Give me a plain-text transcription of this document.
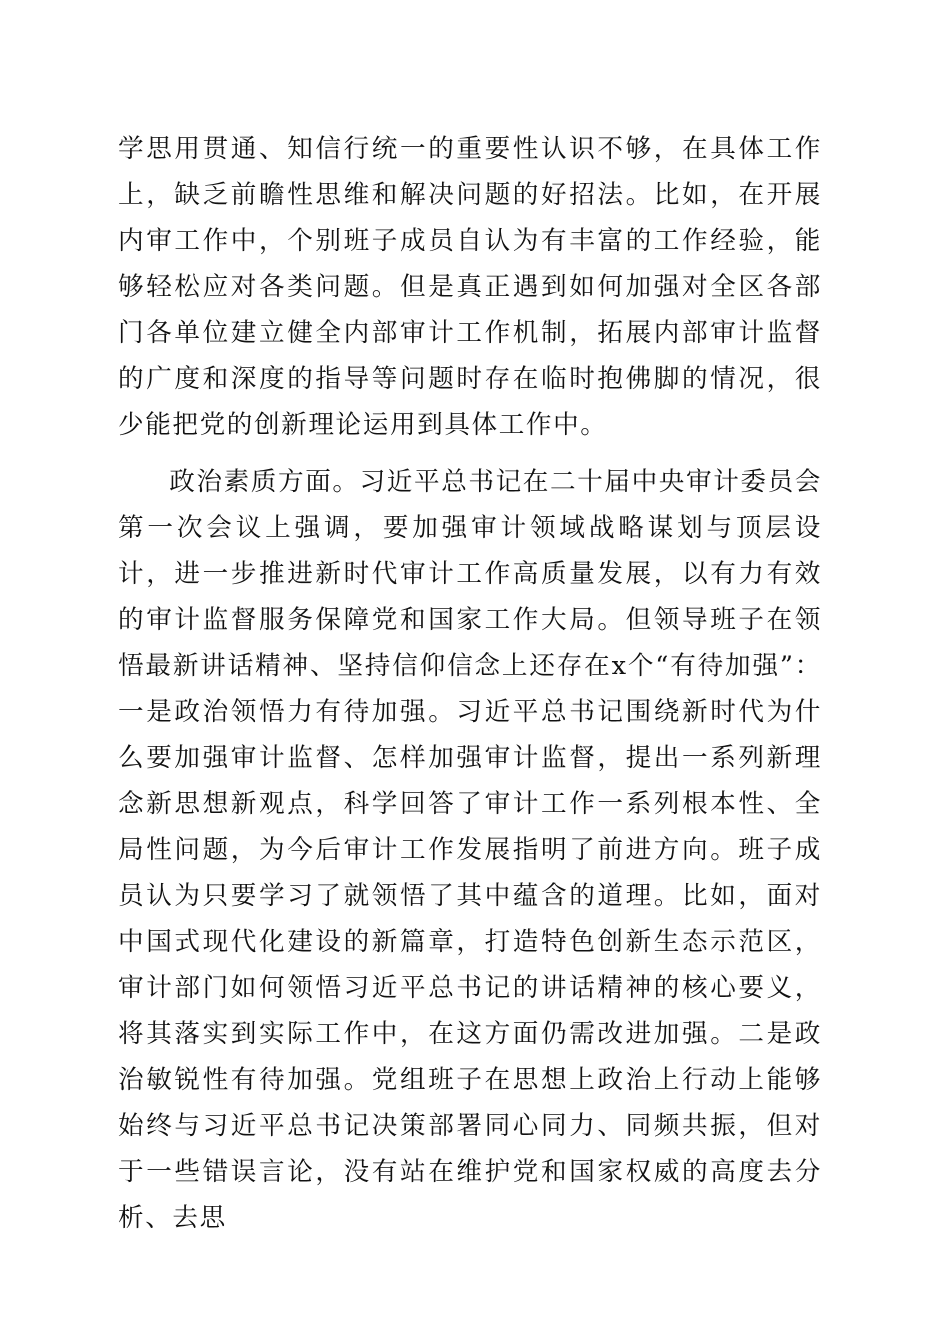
学思用贯通、知信行统一的重要性认识不够，在具体工作上，缺乏前瞻性思维和解决问题的好招法。比如，在开展内审工作中，个别班子成员自认为有丰富的工作经验，能够轻松应对各类问题。但是真正遇到如何加强对全区各部门各单位建立健全内部审计工作机制，拓展内部审计监督的广度和深度的指导等问题时存在临时抱佛脚的情况，很少能把党的创新理论运用到具体工作中。

政治素质方面。习近平总书记在二十届中央审计委员会第一次会议上强调，要加强审计领域战略谋划与顶层设计，进一步推进新时代审计工作高质量发展，以有力有效的审计监督服务保障党和国家工作大局。但领导班子在领悟最新讲话精神、坚持信仰信念上还存在x个“有待加强”：一是政治领悟力有待加强。习近平总书记围绕新时代为什么要加强审计监督、怎样加强审计监督，提出一系列新理念新思想新观点，科学回答了审计工作一系列根本性、全局性问题，为今后审计工作发展指明了前进方向。班子成员认为只要学习了就领悟了其中蕴含的道理。比如，面对中国式现代化建设的新篇章，打造特色创新生态示范区，审计部门如何领悟习近平总书记的讲话精神的核心要义，将其落实到实际工作中，在这方面仍需改进加强。二是政治敏锐性有待加强。党组班子在思想上政治上行动上能够始终与习近平总书记决策部署同心同力、同频共振，但对于一些错误言论，没有站在维护党和国家权威的高度去分析、去思
